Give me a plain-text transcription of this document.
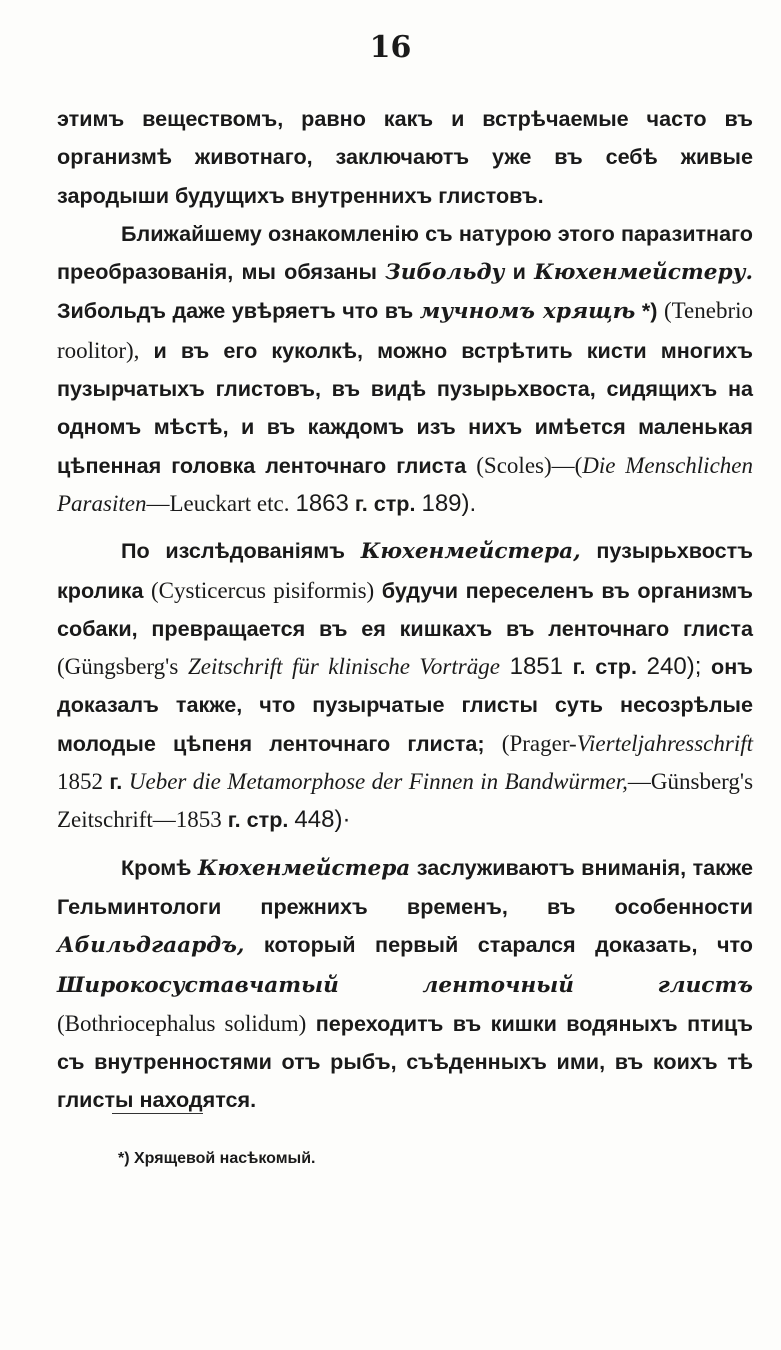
16

этимъ веществомъ, равно какъ и встрѣчаемые часто въ организмѣ животнаго, заключаютъ уже въ себѣ живые зародыши будущихъ внутреннихъ глистовъ.

Ближайшему ознакомленію съ натурою этого паразитнаго преобразованія, мы обязаны Зибольду и Кюхенмейстеру. Зибольдъ даже увѣряетъ что въ мучномъ хрящѣ *) (Tenebrio roolitor), и въ его куколкѣ, можно встрѣтить кисти многихъ пузырчатыхъ глистовъ, въ видѣ пузырьхвоста, сидящихъ на одномъ мѣстѣ, и въ каждомъ изъ нихъ имѣется маленькая цѣпенная головка ленточнаго глиста (Scoles)—(Die Menschlichen Parasiten—Leuckart etc. 1863 г. стр. 189).

По изслѣдованіямъ Кюхенмейстера, пузырьхвостъ кролика (Cysticercus pisiformis) будучи переселенъ въ организмъ собаки, превращается въ ея кишкахъ въ ленточнаго глиста (Güngsberg's Zeitschrift für klinische Vorträge 1851 г. стр. 240); онъ доказалъ также, что пузырчатые глисты суть несозрѣлые молодые цѣпеня ленточнаго глиста; (Prager-Vierteljahresschrift 1852 г. Ueber die Metamorphose der Finnen in Bandwürmer,—Günsberg's Zeitschrift—1853 г. стр. 448)·

Кромѣ Кюхенмейстера заслуживаютъ вниманія, также Гельминтологи прежнихъ временъ, въ особенности Абильдгаардъ, который первый старался доказать, что Широкосуставчатый ленточный глистъ (Bothriocephalus solidum) переходитъ въ кишки водяныхъ птицъ съ внутренностями отъ рыбъ, съѣденныхъ ими, въ коихъ тѣ глисты находятся.

*) Хрящевой насѣкомый.
